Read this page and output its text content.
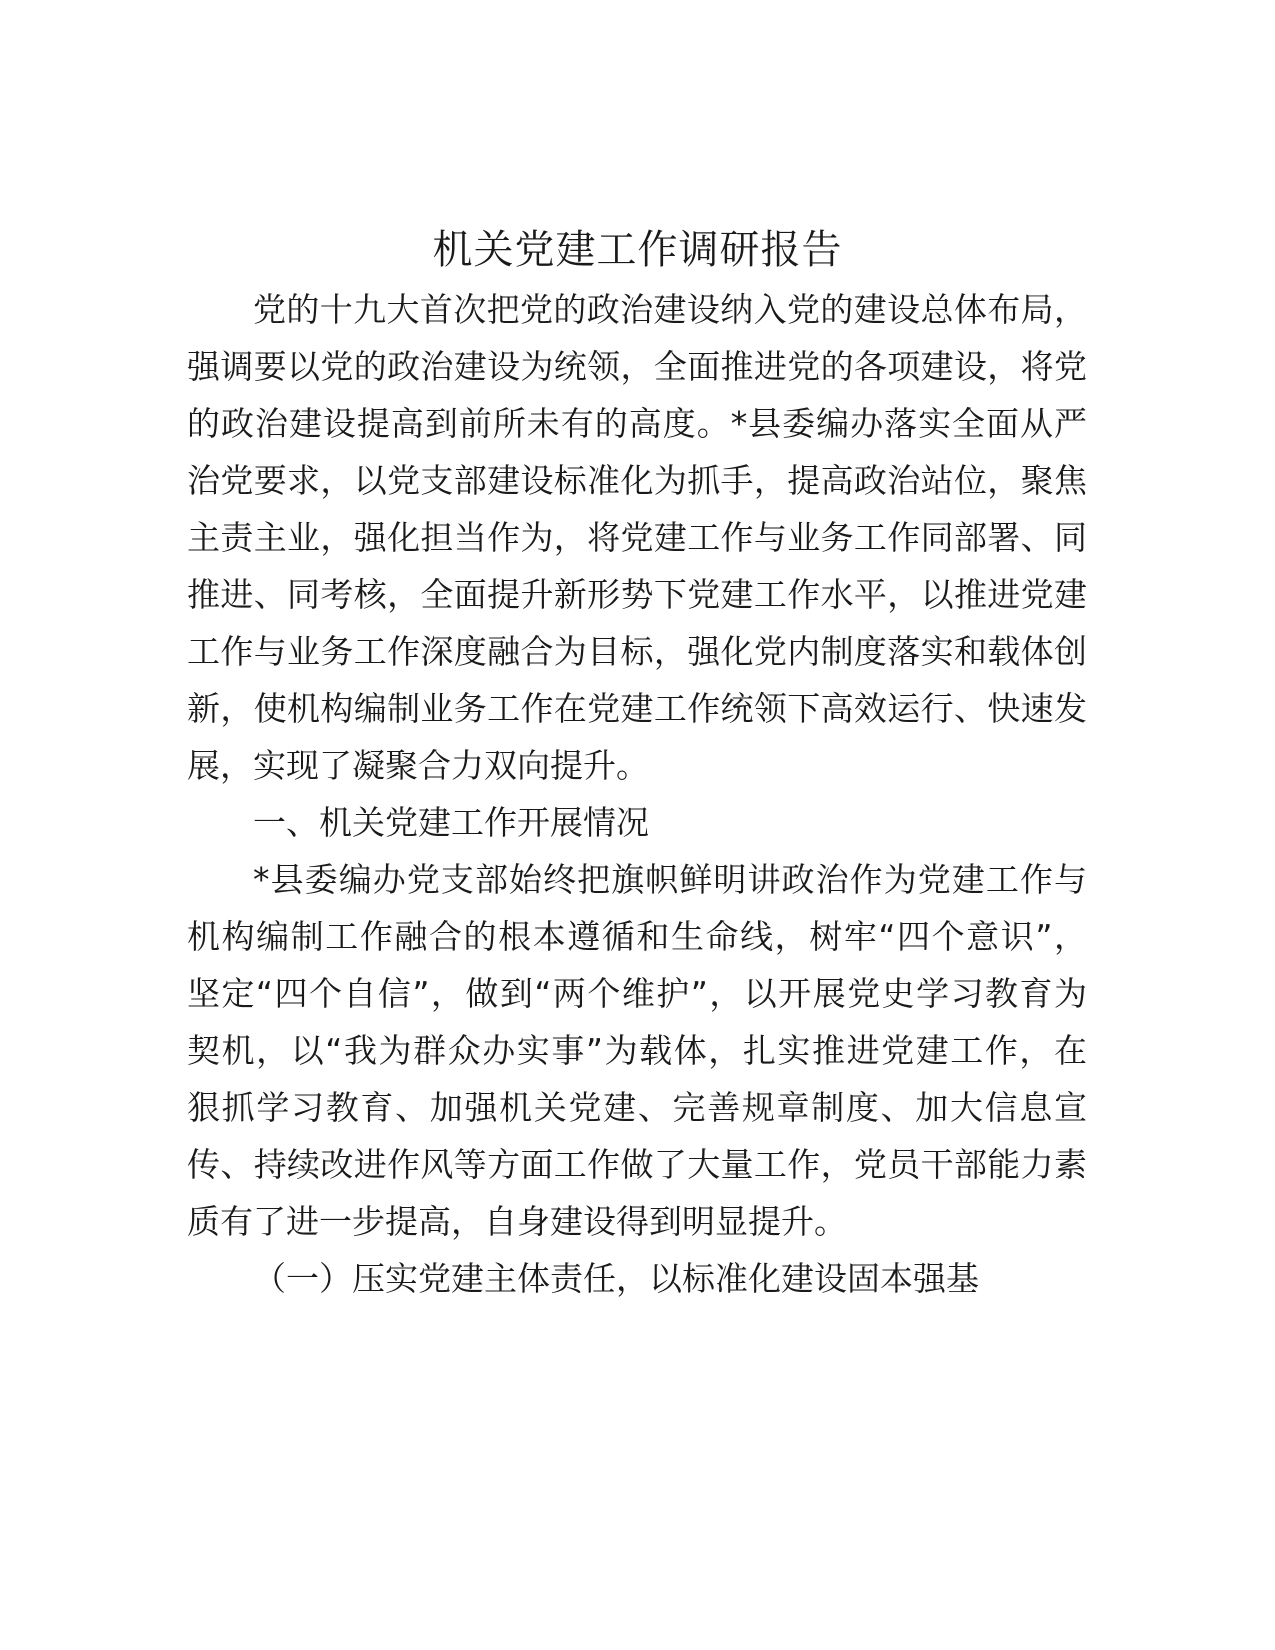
机关党建工作调研报告
党的十九大首次把党的政治建设纳入党的建设总体布局，
强调要以党的政治建设为统领，全面推进党的各项建设，将党
的政治建设提高到前所未有的高度。*县委编办落实全面从严
治党要求，以党支部建设标准化为抓手，提高政治站位，聚焦
主责主业，强化担当作为，将党建工作与业务工作同部署、同
推进、同考核，全面提升新形势下党建工作水平，以推进党建
工作与业务工作深度融合为目标，强化党内制度落实和载体创
新，使机构编制业务工作在党建工作统领下高效运行、快速发
展，实现了凝聚合力双向提升。
一、机关党建工作开展情况
*县委编办党支部始终把旗帜鲜明讲政治作为党建工作与
机构编制工作融合的根本遵循和生命线，树牢“四个意识”，
坚定“四个自信”，做到“两个维护”，以开展党史学习教育为
契机，以“我为群众办实事”为载体，扎实推进党建工作，在
狠抓学习教育、加强机关党建、完善规章制度、加大信息宣
传、持续改进作风等方面工作做了大量工作，党员干部能力素
质有了进一步提高，自身建设得到明显提升。
（一）压实党建主体责任，以标准化建设固本强基
